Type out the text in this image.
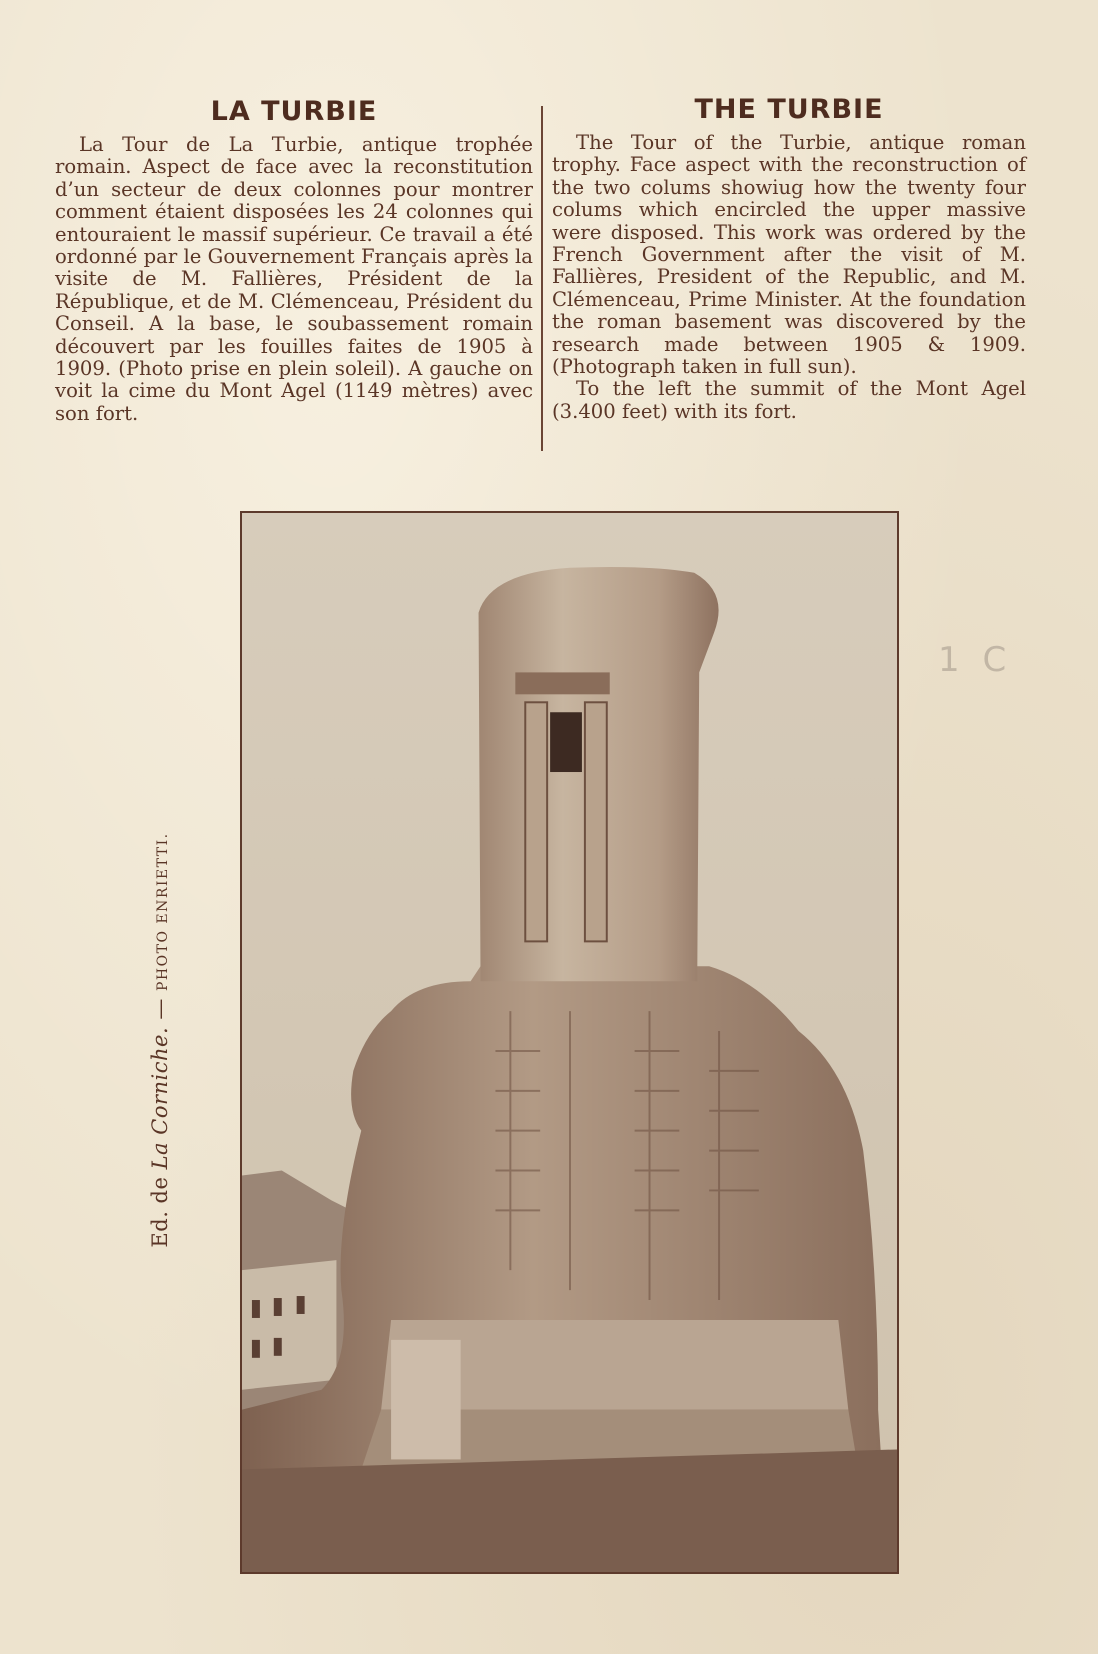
LA TURBIE

La Tour de La Turbie, antique trophée romain. Aspect de face avec la reconstitution d’un secteur de deux colonnes pour montrer comment étaient disposées les 24 colonnes qui entouraient le massif supérieur. Ce travail a été ordonné par le Gouvernement Français après la visite de M. Fallières, Président de la République, et de M. Clémenceau, Président du Conseil. A la base, le soubassement romain découvert par les fouilles faites de 1905 à 1909. (Photo prise en plein soleil). A gauche on voit la cime du Mont Agel (1149 mètres) avec son fort.

THE TURBIE

The Tour of the Turbie, antique roman trophy. Face aspect with the reconstruction of the two colums showiug how the twenty four colums which encircled the upper massive were disposed. This work was ordered by the French Government after the visit of M. Fallières, President of the Republic, and M. Clémenceau, Prime Minister. At the foundation the roman basement was discovered by the research made between 1905 & 1909. (Photograph taken in full sun).

To the left the summit of the Mont Agel (3.400 feet) with its fort.

Ed. de La Corniche. — PHOTO ENRIETTI.
1 C
